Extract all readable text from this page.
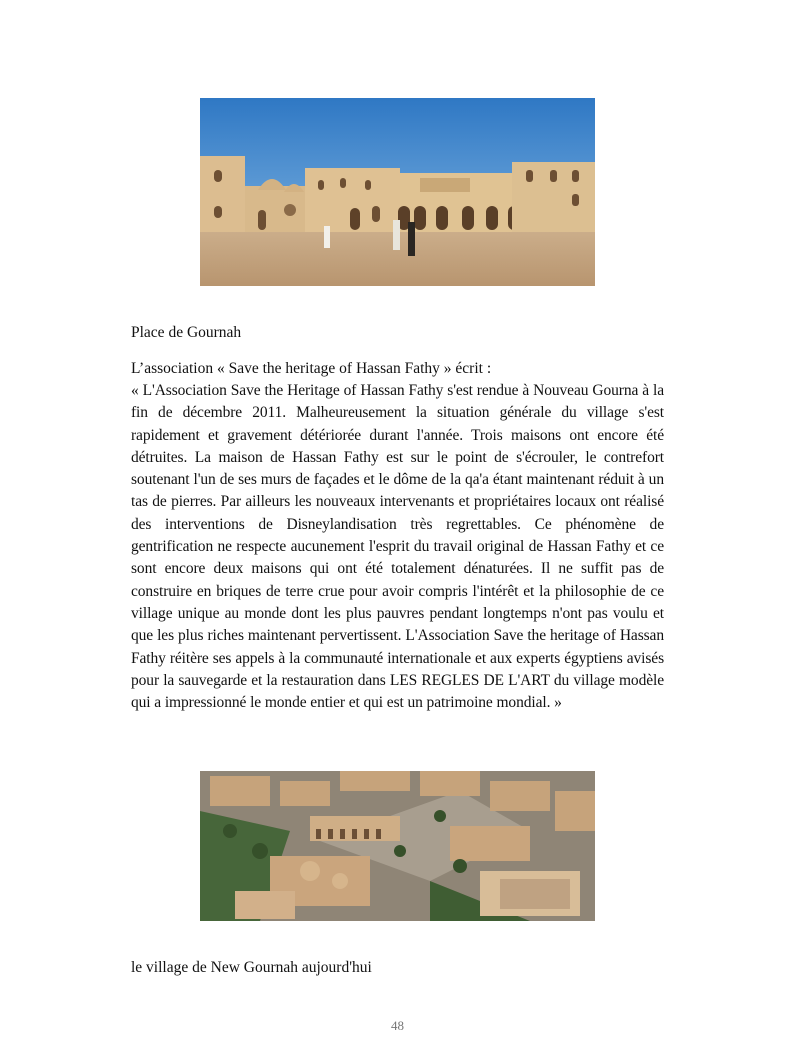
Place de Gournah

L’association « Save the heritage of Hassan Fathy » écrit :

« L'Association Save the Heritage of Hassan Fathy s'est rendue à Nouveau Gourna à la fin de décembre 2011. Malheureusement la situation générale du village s'est rapidement et gravement détériorée durant l'année. Trois maisons ont encore été détruites. La maison de Hassan Fathy est sur le point de s'écrouler, le contrefort soutenant l'un de ses murs de façades et le dôme de la qa'a étant maintenant réduit à un tas de pierres. Par ailleurs les nouveaux intervenants et propriétaires locaux ont réalisé des interventions de Disneylandisation très regrettables. Ce phénomène de gentrification ne respecte aucunement l'esprit du travail original de Hassan Fathy et ce sont encore deux maisons qui ont été totalement dénaturées. Il ne suffit pas de construire en briques de terre crue pour avoir compris l'intérêt et la philosophie de ce village unique au monde dont les plus pauvres pendant longtemps n'ont pas voulu et que les plus riches maintenant pervertissent. L'Association Save the heritage of Hassan Fathy réitère ses appels à la communauté internationale et aux experts égyptiens avisés pour la sauvegarde et la restauration dans LES REGLES DE L'ART du village modèle qui a impressionné le monde entier et qui est un patrimoine mondial. »

le village de New Gournah aujourd'hui

48
